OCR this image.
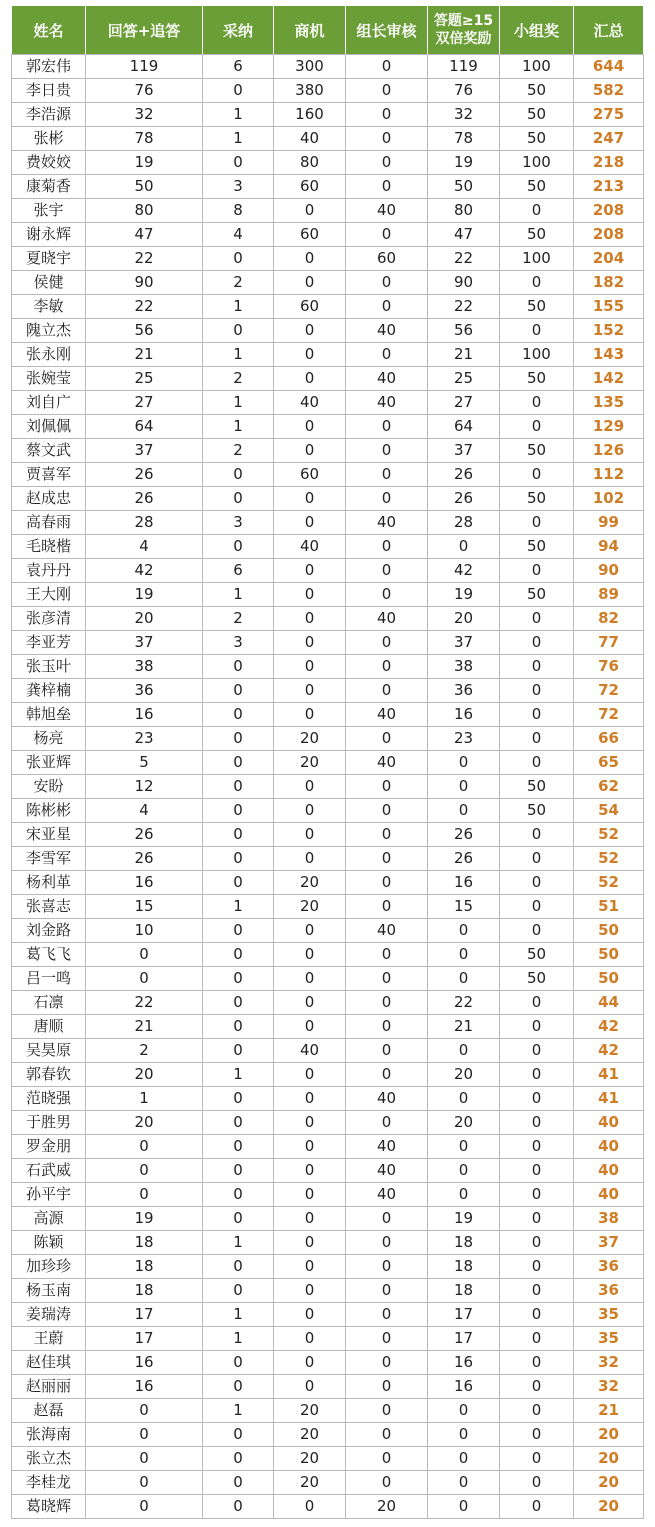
姓名	回答+追答	采纳	商机	组长审核	答题≥15双倍奖励	小组奖	汇总
郭宏伟	119	6	300	0	119	100	644
李日贵	76	0	380	0	76	50	582
李浩源	32	1	160	0	32	50	275
张彬	78	1	40	0	78	50	247
费姣姣	19	0	80	0	19	100	218
康菊香	50	3	60	0	50	50	213
张宇	80	8	0	40	80	0	208
谢永辉	47	4	60	0	47	50	208
夏晓宇	22	0	0	60	22	100	204
侯健	90	2	0	0	90	0	182
李敏	22	1	60	0	22	50	155
隗立杰	56	0	0	40	56	0	152
张永刚	21	1	0	0	21	100	143
张婉莹	25	2	0	40	25	50	142
刘自广	27	1	40	40	27	0	135
刘佩佩	64	1	0	0	64	0	129
蔡文武	37	2	0	0	37	50	126
贾喜军	26	0	60	0	26	0	112
赵成忠	26	0	0	0	26	50	102
高春雨	28	3	0	40	28	0	99
毛晓楷	4	0	40	0	0	50	94
袁丹丹	42	6	0	0	42	0	90
王大刚	19	1	0	0	19	50	89
张彦清	20	2	0	40	20	0	82
李亚芳	37	3	0	0	37	0	77
张玉叶	38	0	0	0	38	0	76
龚梓楠	36	0	0	0	36	0	72
韩旭垒	16	0	0	40	16	0	72
杨亮	23	0	20	0	23	0	66
张亚辉	5	0	20	40	0	0	65
安盼	12	0	0	0	0	50	62
陈彬彬	4	0	0	0	0	50	54
宋亚星	26	0	0	0	26	0	52
李雪军	26	0	0	0	26	0	52
杨利革	16	0	20	0	16	0	52
张喜志	15	1	20	0	15	0	51
刘金路	10	0	0	40	0	0	50
葛飞飞	0	0	0	0	0	50	50
吕一鸣	0	0	0	0	0	50	50
石凛	22	0	0	0	22	0	44
唐顺	21	0	0	0	21	0	42
吴昊原	2	0	40	0	0	0	42
郭春钦	20	1	0	0	20	0	41
范晓强	1	0	0	40	0	0	41
于胜男	20	0	0	0	20	0	40
罗金朋	0	0	0	40	0	0	40
石武威	0	0	0	40	0	0	40
孙平宇	0	0	0	40	0	0	40
高源	19	0	0	0	19	0	38
陈颖	18	1	0	0	18	0	37
加珍珍	18	0	0	0	18	0	36
杨玉南	18	0	0	0	18	0	36
姜瑞涛	17	1	0	0	17	0	35
王蔚	17	1	0	0	17	0	35
赵佳琪	16	0	0	0	16	0	32
赵丽丽	16	0	0	0	16	0	32
赵磊	0	1	20	0	0	0	21
张海南	0	0	20	0	0	0	20
张立杰	0	0	20	0	0	0	20
李桂龙	0	0	20	0	0	0	20
葛晓辉	0	0	0	20	0	0	20
